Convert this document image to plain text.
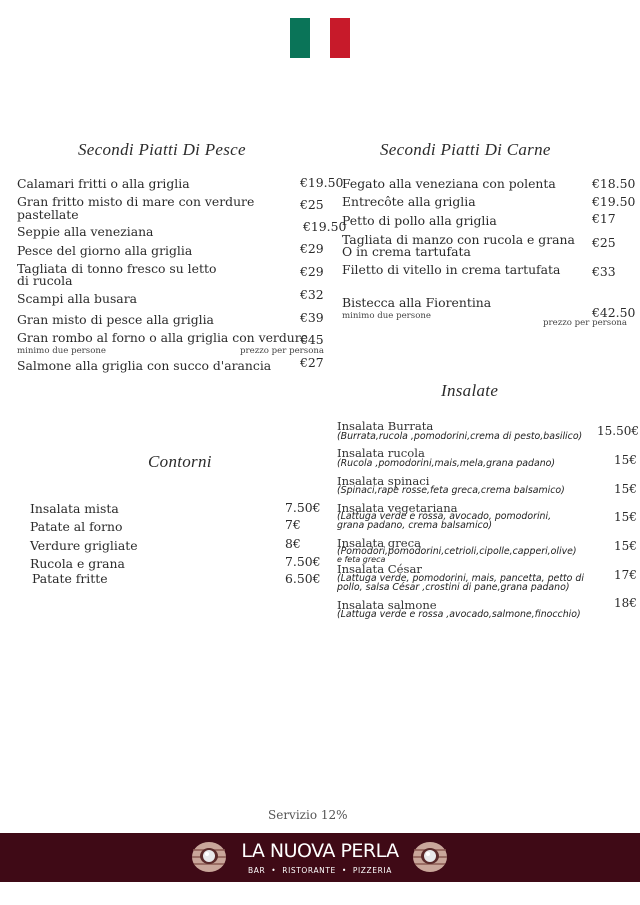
Secondi Piatti Di Pesce	Secondi Piatti Di Carne
Calamari fritti o alla griglia	€19.50
Gran fritto misto di mare con verdure
pastellate
€25
Seppie alla veneziana	€19.50
Pesce del giorno alla griglia	€29
Tagliata di tonno fresco su letto
di rucola
€29
Scampi alla busara	€32
Gran misto di pesce alla griglia	€39
Gran rombo al forno o alla griglia con verdure
€45
minimo due persone	prezzo per persona
Salmone alla griglia con succo d'arancia €27
Fegato alla veneziana con polenta	€18.50
Entrecôte alla griglia	€19.50
Petto di pollo alla griglia	€17
Tagliata di manzo con rucola e grana
O in crema tartufata
€25
Filetto di vitello in crema tartufata	€33
Bistecca alla Fiorentina
minimo due persone	€42.50
prezzo per persona
Insalate
Insalata Burrata
(Burrata,rucola ,pomodorini,crema di pesto,basilico) 15.50€
Insalata rucola
(Rucola ,pomodorini,mais,mela,grana padano)	15€
Insalata spinaci
(Spinaci,rape rosse,feta greca,crema balsamico)	15€
Insalata vegetariana
(Lattuga verde e rossa, avocado, pomodorini,
grana padano, crema balsamico)
15€
Insalata greca
(Pomodori,pomodorini,cetrioli,cipolle,capperi,olive)
e feta greca
15€
Insalata César
(Lattuga verde, pomodorini, mais, pancetta, petto di
pollo, salsa César ,crostini di pane,grana padano)
17€
Insalata salmone
(Lattuga verde e rossa ,avocado,salmone,finocchio)
18€
Contorni
Insalata mista	7.50€
Patate al forno	7€
Verdure grigliate	8€
Rucola e grana	7.50€
Patate fritte	6.50€
Servizio 12%
LA NUOVA PERLA
BAR  •  RISTORANTE  •  PIZZERIA
